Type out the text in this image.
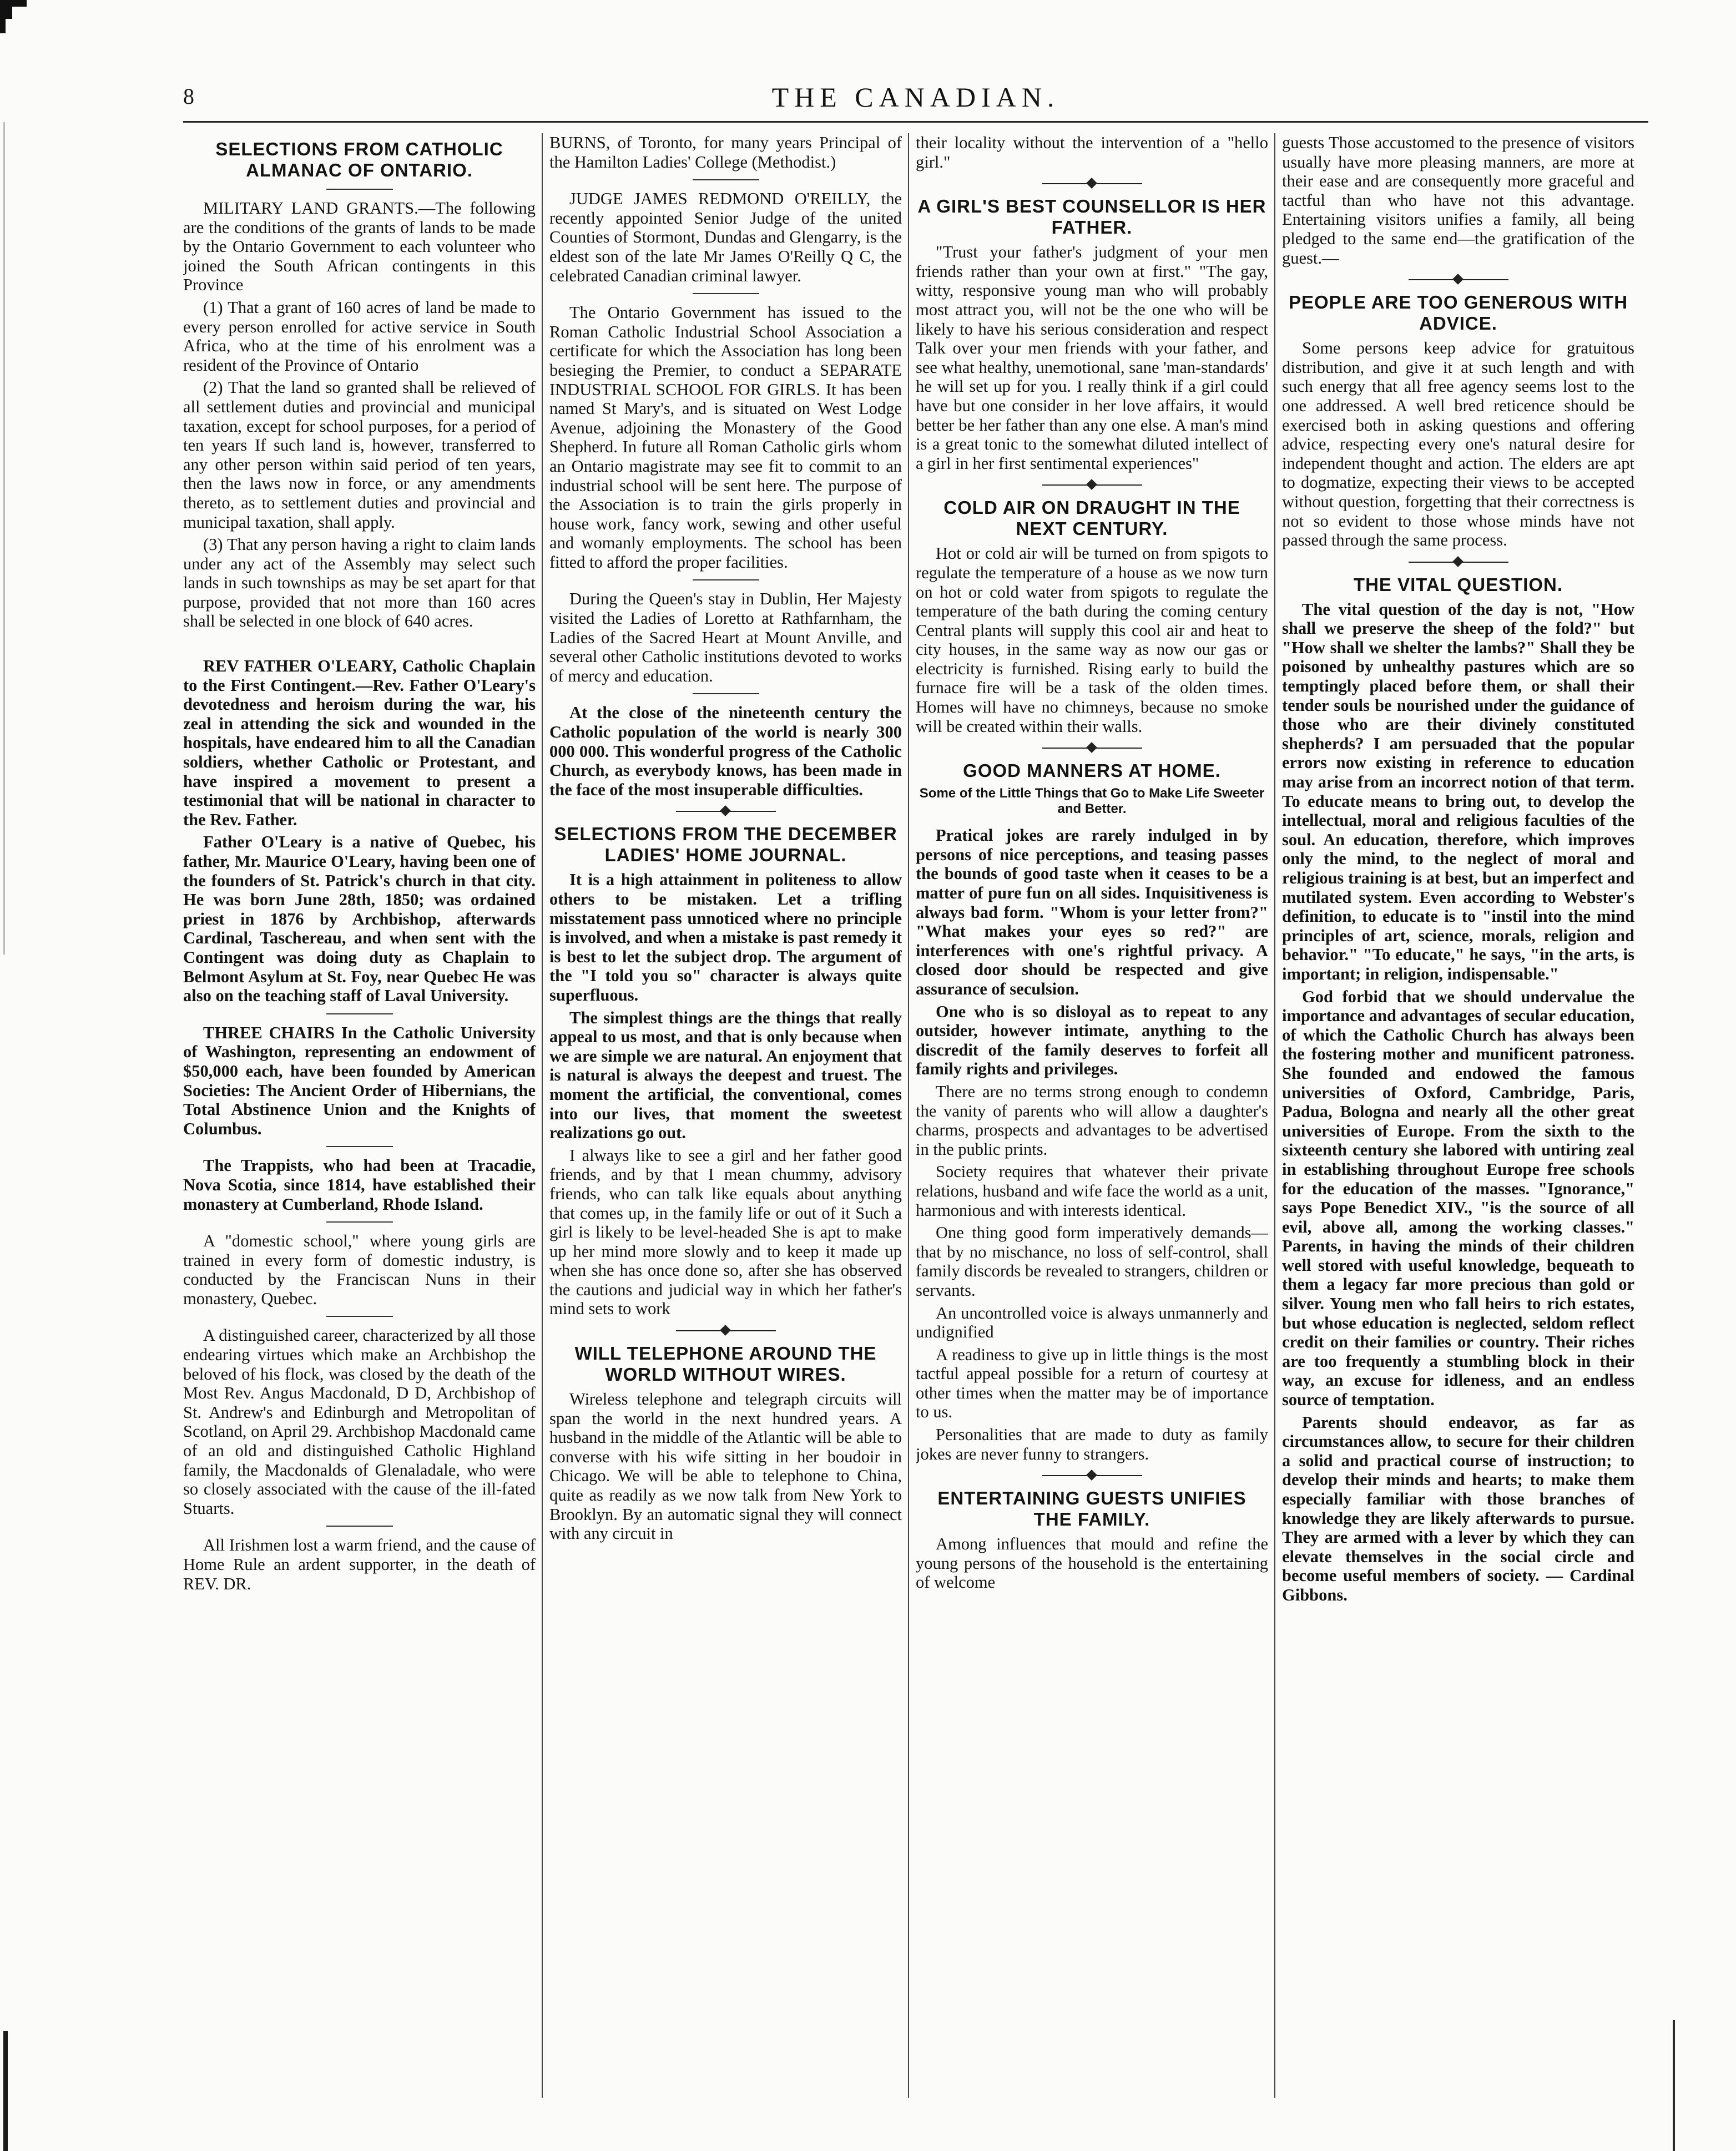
8	THE CANADIAN.
SELECTIONS FROM CATHOLIC ALMANAC OF ONTARIO.

MILITARY LAND GRANTS.—The following are the conditions of the grants of lands to be made by the Ontario Government to each volunteer who joined the South African contingents in this Province

(1) That a grant of 160 acres of land be made to every person enrolled for active service in South Africa, who at the time of his enrolment was a resident of the Province of Ontario

(2) That the land so granted shall be relieved of all settlement duties and provincial and municipal taxation, except for school purposes, for a period of ten years If such land is, however, transferred to any other person within said period of ten years, then the laws now in force, or any amendments thereto, as to settlement duties and provincial and municipal taxation, shall apply.

(3) That any person having a right to claim lands under any act of the Assembly may select such lands in such townships as may be set apart for that purpose, provided that not more than 160 acres shall be selected in one block of 640 acres.

REV FATHER O'LEARY, Catholic Chaplain to the First Contingent.—Rev. Father O'Leary's devotedness and heroism during the war, his zeal in attending the sick and wounded in the hospitals, have endeared him to all the Canadian soldiers, whether Catholic or Protestant, and have inspired a movement to present a testimonial that will be national in character to the Rev. Father.

Father O'Leary is a native of Quebec, his father, Mr. Maurice O'Leary, having been one of the founders of St. Patrick's church in that city. He was born June 28th, 1850; was ordained priest in 1876 by Archbishop, afterwards Cardinal, Taschereau, and when sent with the Contingent was doing duty as Chaplain to Belmont Asylum at St. Foy, near Quebec He was also on the teaching staff of Laval University.

THREE CHAIRS In the Catholic University of Washington, representing an endowment of $50,000 each, have been founded by American Societies: The Ancient Order of Hibernians, the Total Abstinence Union and the Knights of Columbus.

The Trappists, who had been at Tracadie, Nova Scotia, since 1814, have established their monastery at Cumberland, Rhode Island.

A "domestic school," where young girls are trained in every form of domestic industry, is conducted by the Franciscan Nuns in their monastery, Quebec.

A distinguished career, characterized by all those endearing virtues which make an Archbishop the beloved of his flock, was closed by the death of the Most Rev. Angus Macdonald, D D, Archbishop of St. Andrew's and Edinburgh and Metropolitan of Scotland, on April 29. Archbishop Macdonald came of an old and distinguished Catholic Highland family, the Macdonalds of Glenaladale, who were so closely associated with the cause of the ill-fated Stuarts.

All Irishmen lost a warm friend, and the cause of Home Rule an ardent supporter, in the death of REV. DR.

BURNS, of Toronto, for many years Principal of the Hamilton Ladies' College (Methodist.)

JUDGE JAMES REDMOND O'REILLY, the recently appointed Senior Judge of the united Counties of Stormont, Dundas and Glengarry, is the eldest son of the late Mr James O'Reilly Q C, the celebrated Canadian criminal lawyer.

The Ontario Government has issued to the Roman Catholic Industrial School Association a certificate for which the Association has long been besieging the Premier, to conduct a SEPARATE INDUSTRIAL SCHOOL FOR GIRLS. It has been named St Mary's, and is situated on West Lodge Avenue, adjoining the Monastery of the Good Shepherd. In future all Roman Catholic girls whom an Ontario magistrate may see fit to commit to an industrial school will be sent here. The purpose of the Association is to train the girls properly in house work, fancy work, sewing and other useful and womanly employments. The school has been fitted to afford the proper facilities.

During the Queen's stay in Dublin, Her Majesty visited the Ladies of Loretto at Rathfarnham, the Ladies of the Sacred Heart at Mount Anville, and several other Catholic institutions devoted to works of mercy and education.

At the close of the nineteenth century the Catholic population of the world is nearly 300 000 000. This wonderful progress of the Catholic Church, as everybody knows, has been made in the face of the most insuperable difficulties.

SELECTIONS FROM THE DECEMBER LADIES' HOME JOURNAL.

It is a high attainment in politeness to allow others to be mistaken. Let a trifling misstatement pass unnoticed where no principle is involved, and when a mistake is past remedy it is best to let the subject drop. The argument of the "I told you so" character is always quite superfluous.

The simplest things are the things that really appeal to us most, and that is only because when we are simple we are natural. An enjoyment that is natural is always the deepest and truest. The moment the artificial, the conventional, comes into our lives, that moment the sweetest realizations go out.

I always like to see a girl and her father good friends, and by that I mean chummy, advisory friends, who can talk like equals about anything that comes up, in the family life or out of it Such a girl is likely to be level-headed She is apt to make up her mind more slowly and to keep it made up when she has once done so, after she has observed the cautions and judicial way in which her father's mind sets to work

WILL TELEPHONE AROUND THE WORLD WITHOUT WIRES.

Wireless telephone and telegraph circuits will span the world in the next hundred years. A husband in the middle of the Atlantic will be able to converse with his wife sitting in her boudoir in Chicago. We will be able to telephone to China, quite as readily as we now talk from New York to Brooklyn. By an automatic signal they will connect with any circuit in

their locality without the intervention of a "hello girl."

A GIRL'S BEST COUNSELLOR IS HER FATHER.

"Trust your father's judgment of your men friends rather than your own at first." "The gay, witty, responsive young man who will probably most attract you, will not be the one who will be likely to have his serious consideration and respect Talk over your men friends with your father, and see what healthy, unemotional, sane 'man-standards' he will set up for you. I really think if a girl could have but one consider in her love affairs, it would better be her father than any one else. A man's mind is a great tonic to the somewhat diluted intellect of a girl in her first sentimental experiences"

COLD AIR ON DRAUGHT IN THE NEXT CENTURY.

Hot or cold air will be turned on from spigots to regulate the temperature of a house as we now turn on hot or cold water from spigots to regulate the temperature of the bath during the coming century Central plants will supply this cool air and heat to city houses, in the same way as now our gas or electricity is furnished. Rising early to build the furnace fire will be a task of the olden times. Homes will have no chimneys, because no smoke will be created within their walls.

GOOD MANNERS AT HOME.
Some of the Little Things that Go to Make Life Sweeter and Better.

Pratical jokes are rarely indulged in by persons of nice perceptions, and teasing passes the bounds of good taste when it ceases to be a matter of pure fun on all sides. Inquisitiveness is always bad form. "Whom is your letter from?" "What makes your eyes so red?" are interferences with one's rightful privacy. A closed door should be respected and give assurance of seculsion.

One who is so disloyal as to repeat to any outsider, however intimate, anything to the discredit of the family deserves to forfeit all family rights and privileges.

There are no terms strong enough to condemn the vanity of parents who will allow a daughter's charms, prospects and advantages to be advertised in the public prints.

Society requires that whatever their private relations, husband and wife face the world as a unit, harmonious and with interests identical.

One thing good form imperatively demands—that by no mischance, no loss of self-control, shall family discords be revealed to strangers, children or servants.

An uncontrolled voice is always unmannerly and undignified

A readiness to give up in little things is the most tactful appeal possible for a return of courtesy at other times when the matter may be of importance to us.

Personalities that are made to duty as family jokes are never funny to strangers.

ENTERTAINING GUESTS UNIFIES THE FAMILY.

Among influences that mould and refine the young persons of the household is the entertaining of welcome

guests Those accustomed to the presence of visitors usually have more pleasing manners, are more at their ease and are consequently more graceful and tactful than who have not this advantage. Entertaining visitors unifies a family, all being pledged to the same end—the gratification of the guest.—

PEOPLE ARE TOO GENEROUS WITH ADVICE.

Some persons keep advice for gratuitous distribution, and give it at such length and with such energy that all free agency seems lost to the one addressed. A well bred reticence should be exercised both in asking questions and offering advice, respecting every one's natural desire for independent thought and action. The elders are apt to dogmatize, expecting their views to be accepted without question, forgetting that their correctness is not so evident to those whose minds have not passed through the same process.

THE VITAL QUESTION.

The vital question of the day is not, "How shall we preserve the sheep of the fold?" but "How shall we shelter the lambs?" Shall they be poisoned by unhealthy pastures which are so temptingly placed before them, or shall their tender souls be nourished under the guidance of those who are their divinely constituted shepherds? I am persuaded that the popular errors now existing in reference to education may arise from an incorrect notion of that term. To educate means to bring out, to develop the intellectual, moral and religious faculties of the soul. An education, therefore, which improves only the mind, to the neglect of moral and religious training is at best, but an imperfect and mutilated system. Even according to Webster's definition, to educate is to "instil into the mind principles of art, science, morals, religion and behavior." "To educate," he says, "in the arts, is important; in religion, indispensable."

God forbid that we should undervalue the importance and advantages of secular education, of which the Catholic Church has always been the fostering mother and munificent patroness. She founded and endowed the famous universities of Oxford, Cambridge, Paris, Padua, Bologna and nearly all the other great universities of Europe. From the sixth to the sixteenth century she labored with untiring zeal in establishing throughout Europe free schools for the education of the masses. "Ignorance," says Pope Benedict XIV., "is the source of all evil, above all, among the working classes." Parents, in having the minds of their children well stored with useful knowledge, bequeath to them a legacy far more precious than gold or silver. Young men who fall heirs to rich estates, but whose education is neglected, seldom reflect credit on their families or country. Their riches are too frequently a stumbling block in their way, an excuse for idleness, and an endless source of temptation.

Parents should endeavor, as far as circumstances allow, to secure for their children a solid and practical course of instruction; to develop their minds and hearts; to make them especially familiar with those branches of knowledge they are likely afterwards to pursue. They are armed with a lever by which they can elevate themselves in the social circle and become useful members of society. — Cardinal Gibbons.
